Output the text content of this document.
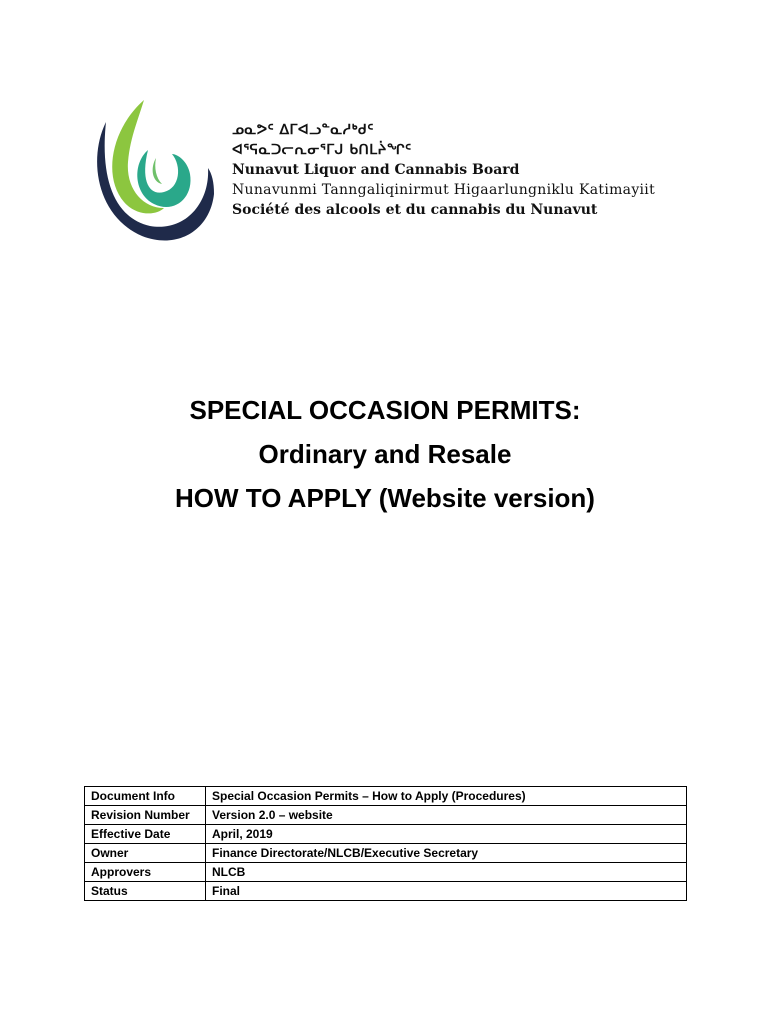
ᓄᓇᕗᑦ ᐃᒥᐊᓗᓐᓇᓱᒃᑯᑦ
ᐊᕐᕋᓇᑐᓕᕆᓂᕐᒥᒍ ᑲᑎᒪᔩᖏᑦ
Nunavut Liquor and Cannabis Board
Nunavunmi Tanngaliqinirmut Higaarlungniklu Katimayiit
Société des alcools et du cannabis du Nunavut
SPECIAL OCCASION PERMITS:
Ordinary and Resale
HOW TO APPLY (Website version)
Document Info	Special Occasion Permits – How to Apply (Procedures)
Revision Number	Version 2.0 – website
Effective Date	April, 2019
Owner	Finance Directorate/NLCB/Executive Secretary
Approvers	NLCB
Status	Final
